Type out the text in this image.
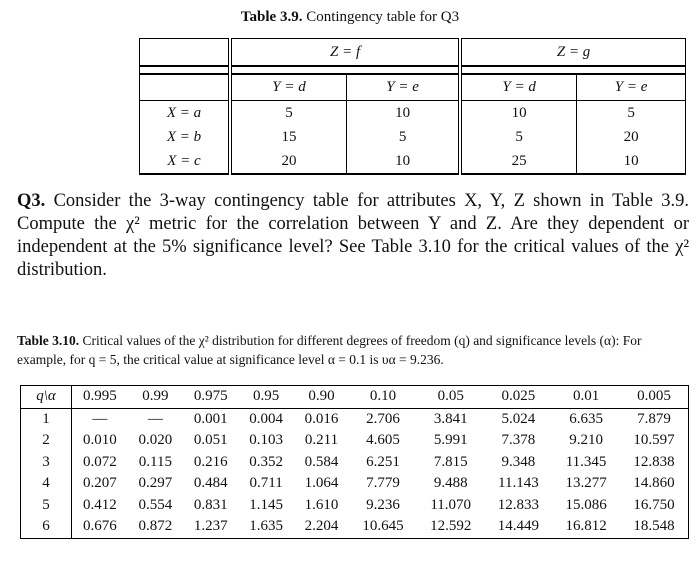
Table 3.9. Contingency table for Q3
	Z = f		Z = g	

	Y = d	Y = e	Y = d	Y = e
X = a	5	10	10	5
X = b	15	5	5	20
X = c	20	10	25	10
Q3. Consider the 3-way contingency table for attributes X, Y, Z shown in Table 3.9. Compute the χ² metric for the correlation between Y and Z. Are they dependent or independent at the 5% significance level? See Table 3.10 for the critical values of the χ² distribution.
Table 3.10. Critical values of the χ² distribution for different degrees of freedom (q) and significance levels (α): For example, for q = 5, the critical value at significance level α = 0.1 is υα = 9.236.
q\α	0.995	0.99	0.975	0.95	0.90	0.10	0.05	0.025	0.01	0.005
1	—	—	0.001	0.004	0.016	2.706	3.841	5.024	6.635	7.879
2	0.010	0.020	0.051	0.103	0.211	4.605	5.991	7.378	9.210	10.597
3	0.072	0.115	0.216	0.352	0.584	6.251	7.815	9.348	11.345	12.838
4	0.207	0.297	0.484	0.711	1.064	7.779	9.488	11.143	13.277	14.860
5	0.412	0.554	0.831	1.145	1.610	9.236	11.070	12.833	15.086	16.750
6	0.676	0.872	1.237	1.635	2.204	10.645	12.592	14.449	16.812	18.548
